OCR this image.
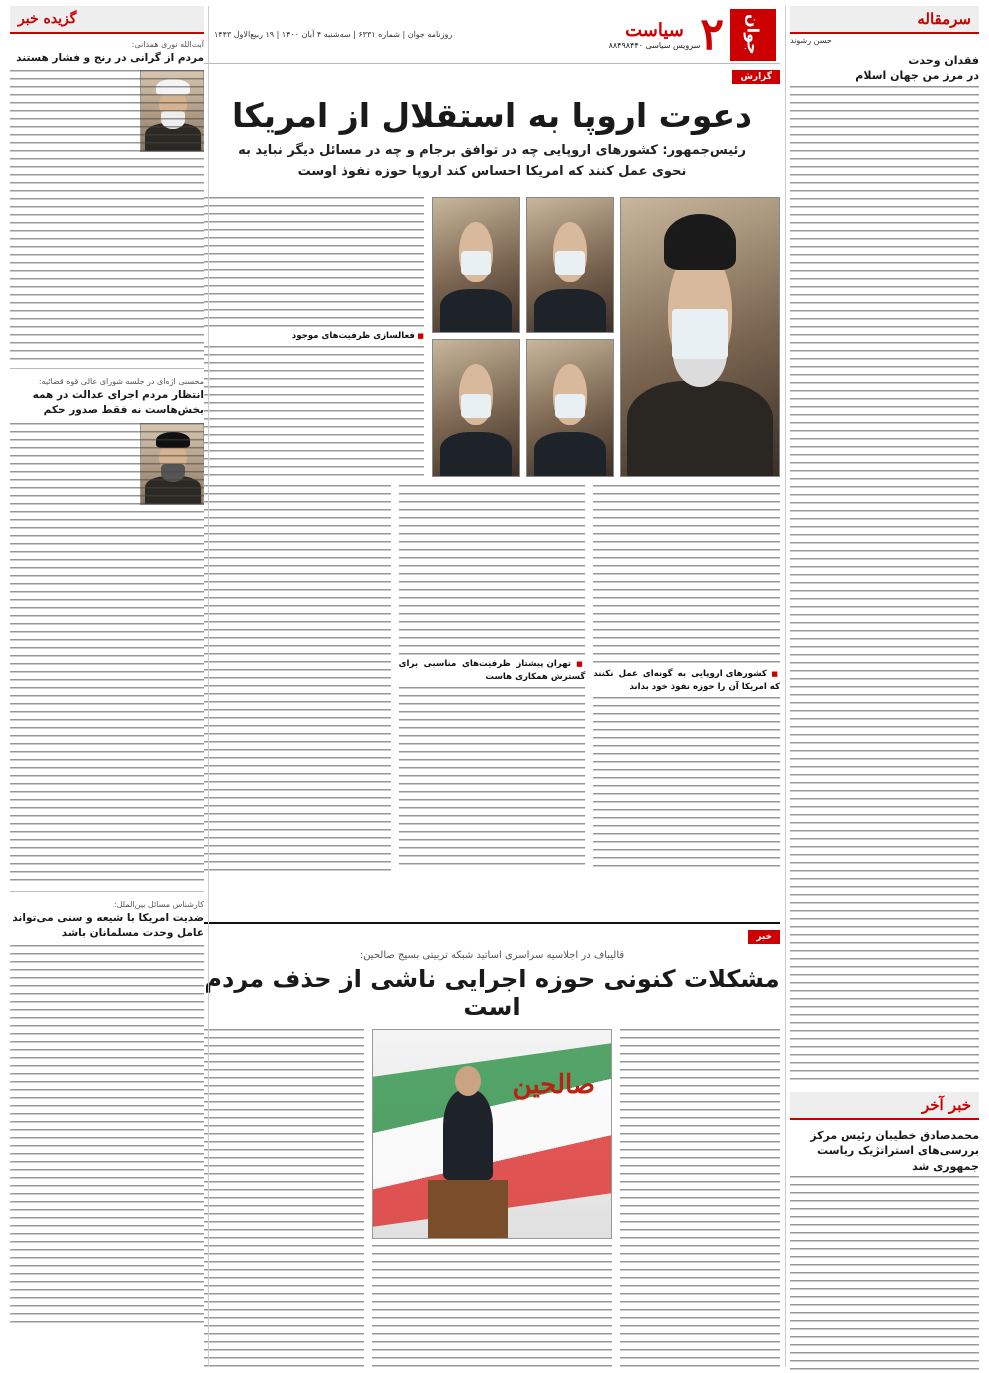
سرمقاله
حسن رشوند
فقدان وحدت
در مرز من جهان اسلام
خبر آخر
محمدصادق خطیبان رئیس مرکز
بررسی‌های استراتژیک ریاست جمهوری شد
جوان
۲
سیاست
سرویس سیاسی ۸۸۴۹۸۴۴۰
روزنامه جوان | شماره ۶۳۳۱ | سه‌شنبه ۴ آبان ۱۴۰۰ | ۱۹ ربیع‌الاول ۱۴۴۳
گزارش
دعوت اروپا به استقلال از امریکا
رئیس‌جمهور: کشورهای اروپایی چه در توافق برجام و چه در مسائل دیگر نباید به نحوی عمل کنند که امریکا احساس کند اروپا حوزه نفوذ اوست
■ فعالسازی ظرفیت‌های موجود
■ کشورهای اروپایی به گونه‌ای عمل نکنند که امریکا آن را حوزه نفوذ خود بداند
■ تهران پیشتاز ظرفیت‌های مناسبی برای گسترش همکاری هاست
خبر
قالیباف در اجلاسیه سراسری اساتید شبکه تربیتی بسیج صالحین:
مشکلات کنونی حوزه اجرایی ناشی از حذف مردم است
صالحین
گزیده خبر
آیت‌الله نوری همدانی:
مردم از گرانی در رنج و فشار هستند
محسنی اژه‌ای در جلسه شورای عالی قوه قضائیه:
انتظار مردم اجرای عدالت در همه بخش‌هاست نه فقط صدور حکم
کارشناس مسائل بین‌الملل:
ضدیت امریکا با شیعه و سنی می‌تواند عامل وحدت مسلمانان باشد
